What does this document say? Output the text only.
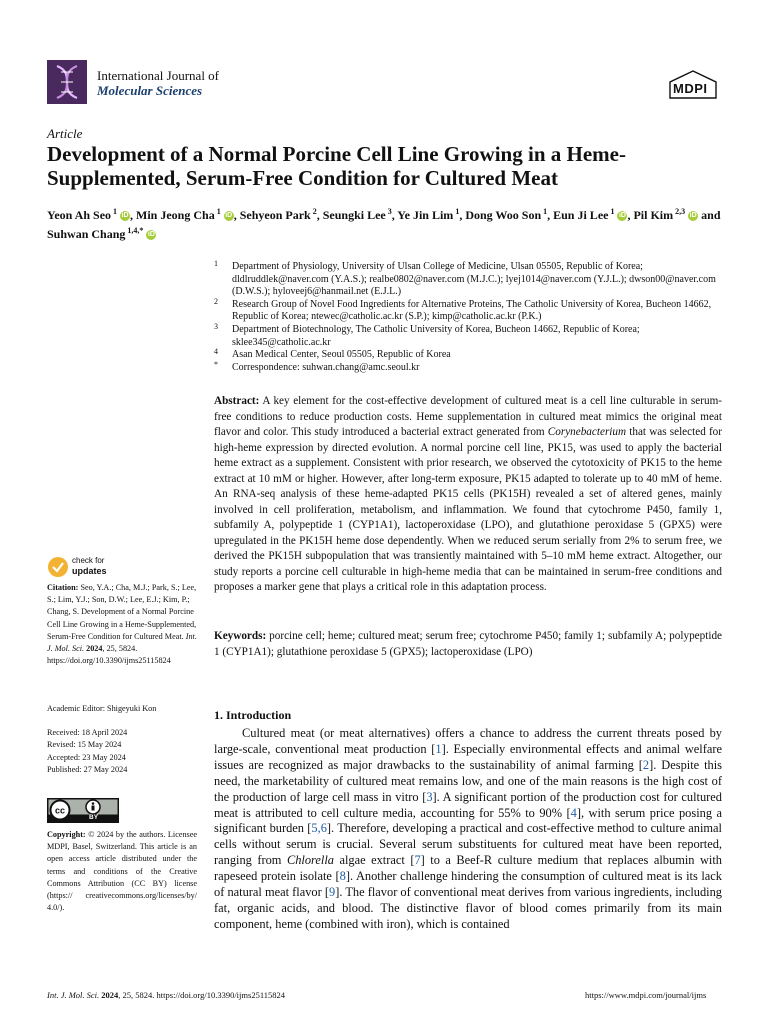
International Journal of
Molecular Sciences	MDPI
Article
Development of a Normal Porcine Cell Line Growing in a Heme-Supplemented, Serum-Free Condition for Cultured Meat
Yeon Ah Seo $^1$ iD , Min Jeong Cha $^1$ iD , Sehyeon Park $^2$, Seungki Lee $^3$, Ye Jin Lim $^1$, Dong Woo Son $^1$, Eun Ji Lee $^1$ iD , Pil Kim $^{2,3}$ iD and Suhwan Chang $^{1,4,*}$ iD

1 Department of Physiology, University of Ulsan College of Medicine, Ulsan 05505, Republic of Korea; dldlruddlek@naver.com (Y.A.S.); realbe0802@naver.com (M.J.C.); lyej1014@naver.com (Y.J.L.); dwson00@naver.com (D.W.S.); hyloveej6@hanmail.net (E.J.L.)

2 Research Group of Novel Food Ingredients for Alternative Proteins, The Catholic University of Korea, Bucheon 14662, Republic of Korea; ntewec@catholic.ac.kr (S.P.); kimp@catholic.ac.kr (P.K.)

3 Department of Biotechnology, The Catholic University of Korea, Bucheon 14662, Republic of Korea; sklee345@catholic.ac.kr

4 Asan Medical Center, Seoul 05505, Republic of Korea

* Correspondence: suhwan.chang@amc.seoul.kr

Abstract: A key element for the cost-effective development of cultured meat is a cell line culturable in serum-free conditions to reduce production costs. Heme supplementation in cultured meat mimics the original meat flavor and color. This study introduced a bacterial extract generated from Corynebacterium that was selected for high-heme expression by directed evolution. A normal porcine cell line, PK15, was used to apply the bacterial heme extract as a supplement. Consistent with prior research, we observed the cytotoxicity of PK15 to the heme extract at 10 mM or higher. However, after long-term exposure, PK15 adapted to tolerate up to 40 mM of heme. An RNA-seq analysis of these heme-adapted PK15 cells (PK15H) revealed a set of altered genes, mainly involved in cell proliferation, metabolism, and inflammation. We found that cytochrome P450, family 1, subfamily A, polypeptide 1 (CYP1A1), lactoperoxidase (LPO), and glutathione peroxidase 5 (GPX5) were upregulated in the PK15H heme dose dependently. When we reduced serum serially from 2% to serum free, we derived the PK15H subpopulation that was transiently maintained with 5–10 mM heme extract. Altogether, our study reports a porcine cell culturable in high-heme media that can be maintained in serum-free conditions and proposes a marker gene that plays a critical role in this adaptation process.
Keywords: porcine cell; heme; cultured meat; serum free; cytochrome P450; family 1; subfamily A; polypeptide 1 (CYP1A1); glutathione peroxidase 5 (GPX5); lactoperoxidase (LPO)
check for
updates
Citation: Seo, Y.A.; Cha, M.J.; Park, S.; Lee, S.; Lim, Y.J.; Son, D.W.; Lee, E.J.; Kim, P.; Chang, S. Development of a Normal Porcine Cell Line Growing in a Heme-Supplemented, Serum-Free Condition for Cultured Meat. Int. J. Mol. Sci. 2024, 25, 5824. https://doi.org/10.3390/ijms25115824
Academic Editor: Shigeyuki Kon
Received: 18 April 2024
Revised: 15 May 2024
Accepted: 23 May 2024
Published: 27 May 2024
cc
BY
Copyright: © 2024 by the authors. Licensee MDPI, Basel, Switzerland. This article is an open access article distributed under the terms and conditions of the Creative Commons Attribution (CC BY) license (https:// creativecommons.org/licenses/by/ 4.0/).
1. Introduction
Cultured meat (or meat alternatives) offers a chance to address the current threats posed by large-scale, conventional meat production [1]. Especially environmental effects and animal welfare issues are recognized as major drawbacks to the sustainability of animal farming [2]. Despite this need, the marketability of cultured meat remains low, and one of the main reasons is the high cost of the production of large cell mass in vitro [3]. A significant portion of the production cost for cultured meat is attributed to cell culture media, accounting for 55% to 90% [4], with serum price posing a significant burden [5,6]. Therefore, developing a practical and cost-effective method to culture animal cells without serum is crucial. Several serum substituents for cultured meat have been reported, ranging from Chlorella algae extract [7] to a Beef-R culture medium that replaces albumin with rapeseed protein isolate [8]. Another challenge hindering the consumption of cultured meat is its lack of natural meat flavor [9]. The flavor of conventional meat derives from various ingredients, including fat, organic acids, and blood. The distinctive flavor of blood comes primarily from its main component, heme (combined with iron), which is contained
Int. J. Mol. Sci. 2024, 25, 5824. https://doi.org/10.3390/ijms25115824	https://www.mdpi.com/journal/ijms
